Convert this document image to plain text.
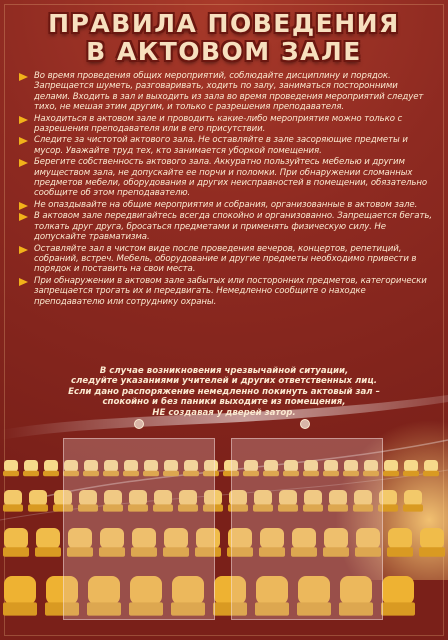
ПРАВИЛА ПОВЕДЕНИЯ
В АКТОВОМ ЗАЛЕ
Во время проведения общих мероприятий, соблюдайте дисциплину и порядок. Запрещается шуметь, разговаривать, ходить по залу, заниматься посторонними делами. Входить в зал и выходить из зала во время проведения мероприятий следует тихо, не мешая этим другим, и только с разрешения преподавателя.
Находиться в актовом зале и проводить какие-либо мероприятия можно только с разрешения преподавателя или в его присутствии.
Следите за чистотой актового зала. Не оставляйте в зале засоряющие предметы и мусор. Уважайте труд тех, кто занимается уборкой помещения.
Берегите собственность актового зала. Аккуратно пользуйтесь мебелью и другим имуществом зала, не допускайте ее порчи и поломки. При обнаружении сломанных предметов мебели, оборудования и других неисправностей в помещении, обязательно сообщите об этом преподавателю.
Не опаздывайте на общие мероприятия и собрания, организованные в актовом зале.
В актовом зале передвигайтесь всегда спокойно и организованно. Запрещается бегать, толкать друг друга, бросаться предметами и применять физическую силу. Не допускайте травматизма.
Оставляйте зал в чистом виде после проведения вечеров, концертов, репетиций, собраний, встреч. Мебель, оборудование и другие предметы необходимо привести в порядок и поставить на свои места.
При обнаружении в актовом зале забытых или посторонних предметов, категорически запрещается трогать их и передвигать. Немедленно сообщите о находке преподавателю или сотруднику охраны.
В случае возникновения чрезвычайной ситуации,
следуйте указаниями учителей и других ответственных лиц.
Если дано распоряжение немедленно покинуть актовый зал –
спокойно и без паники выходите из помещения,
НЕ создавая у дверей затор.
